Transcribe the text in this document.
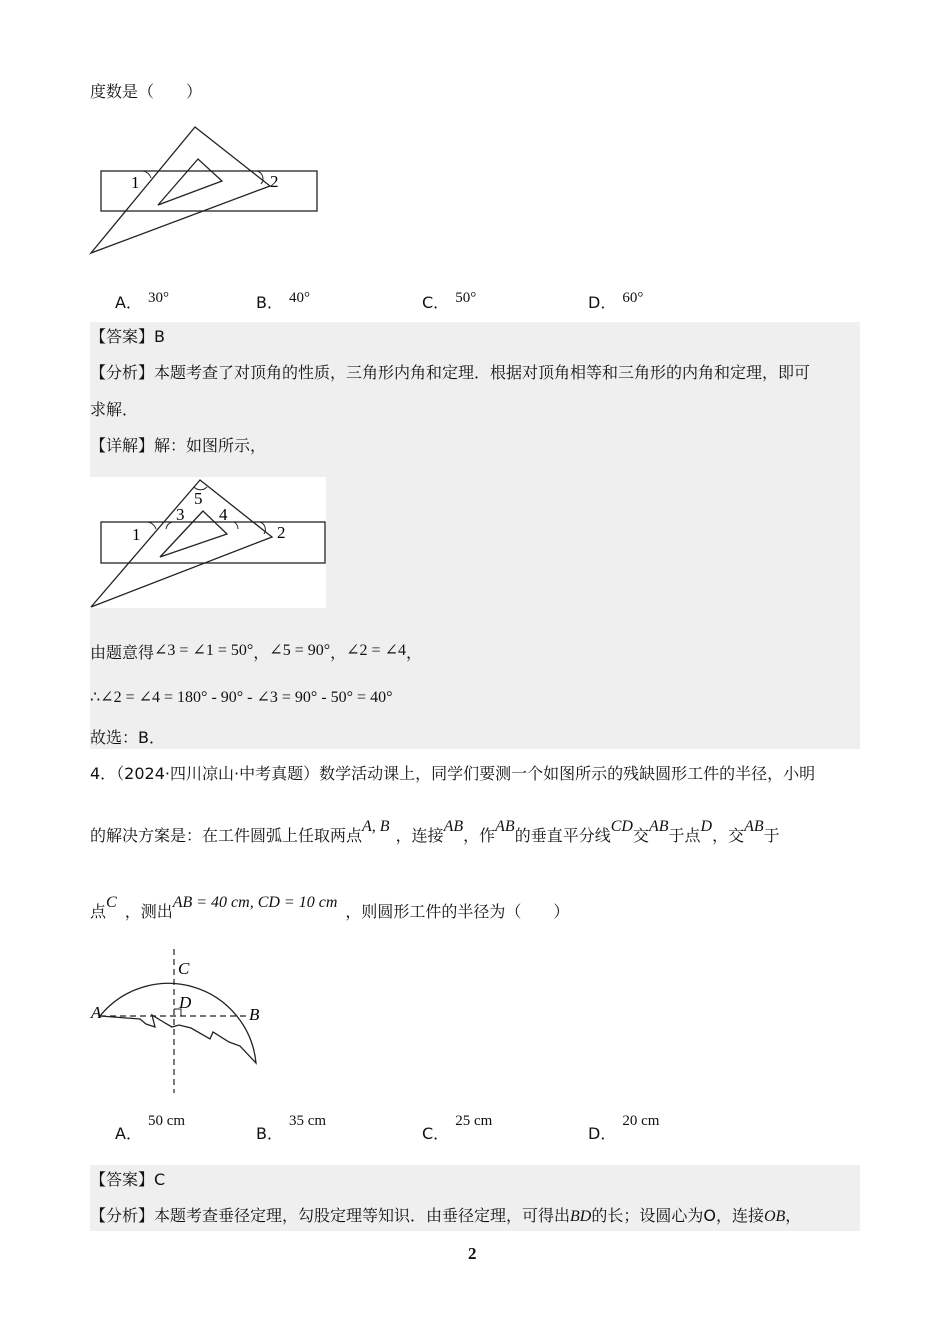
度数是（　　）
1	2
A． 30°	B． 40°	C． 50°	D． 60°
【答案】B
【分析】本题考查了对顶角的性质，三角形内角和定理．根据对顶角相等和三角形的内角和定理，即可
求解．
【详解】解：如图所示，
1	2
3 4
5
由题意得∠3 = ∠1 = 50°，∠5 = 90°，∠2 = ∠4，
∴∠2 = ∠4 = 180° - 90° - ∠3 = 90° - 50° = 40°
故选：B．
4．（2024·四川凉山·中考真题）数学活动课上，同学们要测一个如图所示的残缺圆形工件的半径，小明
的解决方案是：在工件圆弧上任取两点A, B ，连接AB，作AB的垂直平分线CD交AB于点D，交AB于
点C ，测出AB = 40 cm, CD = 10 cm ，则圆形工件的半径为（　　）
A	B
C
D
A．50 cm
B．35 cm
C．25 cm
D．20 cm
【答案】C
【分析】本题考查垂径定理，勾股定理等知识．由垂径定理，可得出BD的长；设圆心为O，连接OB，
2
